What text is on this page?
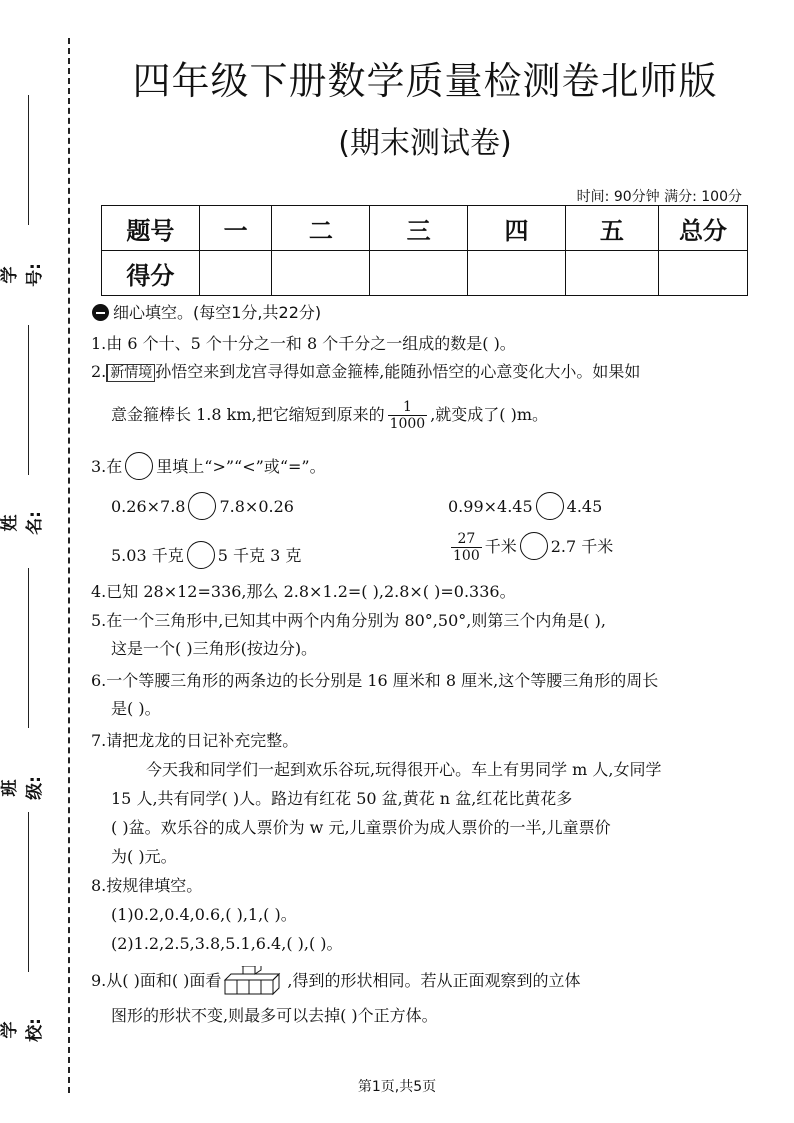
学号:
姓名:
班级:
学校:
四年级下册数学质量检测卷北师版
(期末测试卷)
时间: 90分钟 满分: 100分
题号	一	二	三	四	五	总分
得分						
细心填空。(每空1分,共22分)
1.由 6 个十、5 个十分之一和 8 个千分之一组成的数是( )。
2. 新情境 孙悟空来到龙宫寻得如意金箍棒,能随孙悟空的心意变化大小。如果如
意金箍棒长 1.8 km,把它缩短到原来的 $\frac{1}{1000}$ ,就变成了( )m。
3.在 里填上“>”“<”或“=”。
0.26×7.8 7.8×0.26	0.99×4.45 4.45
5.03 千克 5 千克 3 克	$\frac{27}{100}$ 千米 2.7 千米
4.已知 28×12=336,那么 2.8×1.2=( ),2.8×( )=0.336。
5.在一个三角形中,已知其中两个内角分别为 80°,50°,则第三个内角是( ),
这是一个( )三角形(按边分)。
6.一个等腰三角形的两条边的长分别是 16 厘米和 8 厘米,这个等腰三角形的周长
是( )。
7.请把龙龙的日记补充完整。
今天我和同学们一起到欢乐谷玩,玩得很开心。车上有男同学 m 人,女同学
15 人,共有同学( )人。路边有红花 50 盆,黄花 n 盆,红花比黄花多
( )盆。欢乐谷的成人票价为 w 元,儿童票价为成人票价的一半,儿童票价
为( )元。
8.按规律填空。
(1)0.2,0.4,0.6,( ),1,( )。
(2)1.2,2.5,3.8,5.1,6.4,( ),( )。
9.从( )面和( )面看	,得到的形状相同。若从正面观察到的立体
图形的形状不变,则最多可以去掉( )个正方体。
第1页,共5页
